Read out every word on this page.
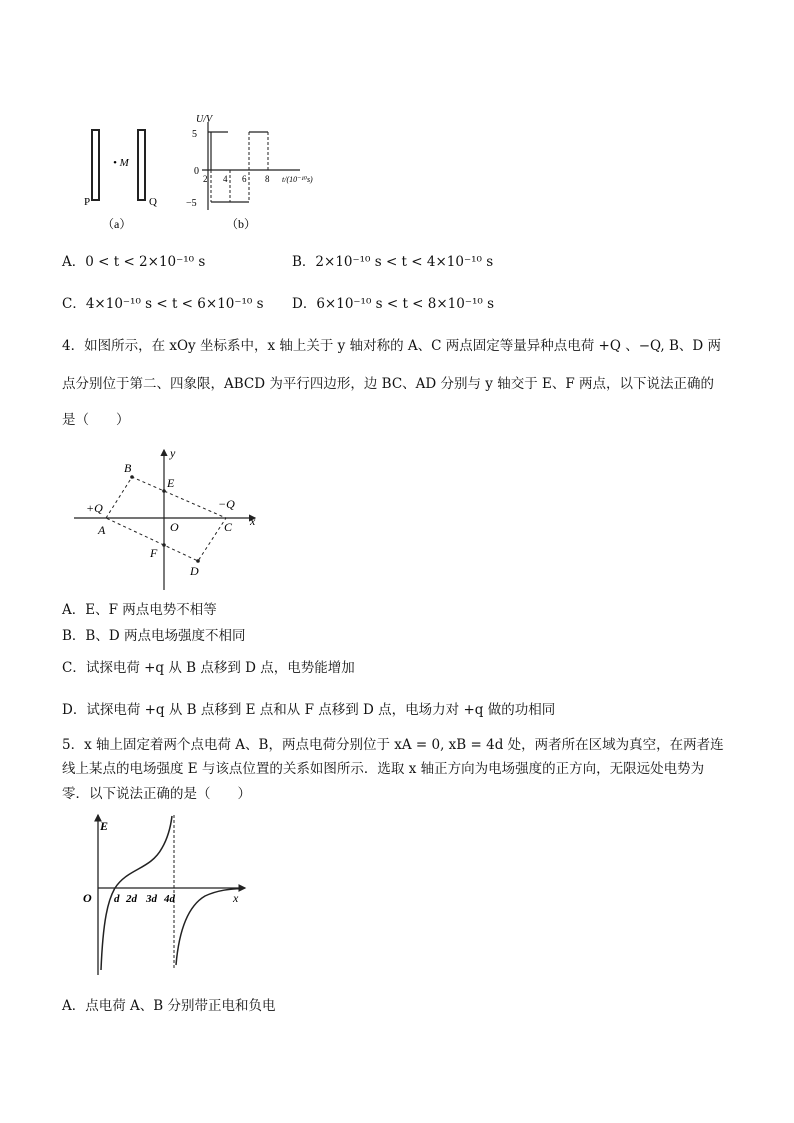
P
• M
Q
（a）
U/V
t/(10⁻¹⁰s)
5
0
−5
2 4 6 8
（b）
A．0 < t < 2×10⁻¹⁰ s	B．2×10⁻¹⁰ s < t < 4×10⁻¹⁰ s
C．4×10⁻¹⁰ s < t < 6×10⁻¹⁰ s D．6×10⁻¹⁰ s < t < 8×10⁻¹⁰ s
4．如图所示，在 xOy 坐标系中，x 轴上关于 y 轴对称的 A、C 两点固定等量异种点电荷 +Q 、−Q, B、D 两
点分别位于第二、四象限，ABCD 为平行四边形，边 BC、AD 分别与 y 轴交于 E、F 两点，以下说法正确的
是（　　）
y
x
B
E
+Q	−Q
A	O	C
F
D
A．E、F 两点电势不相等
B．B、D 两点电场强度不相同
C．试探电荷 +q 从 B 点移到 D 点，电势能增加
D．试探电荷 +q 从 B 点移到 E 点和从 F 点移到 D 点，电场力对 +q 做的功相同
5．x 轴上固定着两个点电荷 A、B，两点电荷分别位于 xA = 0, xB = 4d 处，两者所在区域为真空，在两者连
线上某点的电场强度 E 与该点位置的关系如图所示．选取 x 轴正方向为电场强度的正方向，无限远处电势为
零．以下说法正确的是（　　）
E
O	x
d 2d 3d 4d
A．点电荷 A、B 分别带正电和负电
